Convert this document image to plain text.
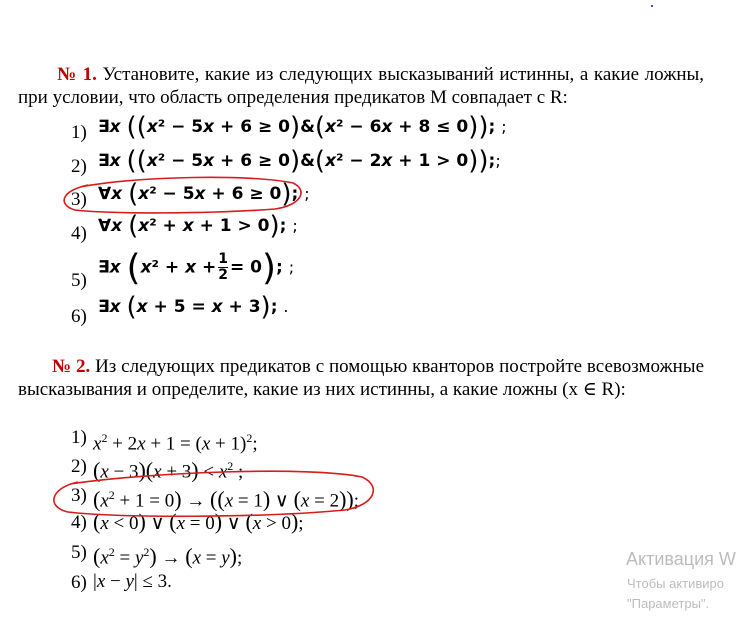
№ 1. Установите, какие из следующих высказываний истинны, а какие ложны, при условии, что область определения предикатов M совпадает с R:
1)
2)
3)
4)
5)
6)
∃x ((x² − 5x + 6 ≥ 0)&(x² − 6x + 8 ≤ 0)); ;
∃x ((x² − 5x + 6 ≥ 0)&(x² − 2x + 1 > 0));;
∀x (x² − 5x + 6 ≥ 0); ;
∀x (x² + x + 1 > 0); ;
∃x $(x^2 + x + \frac{1}{2} = 0)$; ;
∃x (x + 5 = x + 3); .
№ 2. Из следующих предикатов с помощью кванторов постройте всевозможные высказывания и определите, какие из них истинны, а какие ложны (x ∈ R):
1)
2)
3)
4)
5)
6)
$x^2 + 2x + 1 = (x + 1)^2$;
$(x - 3)(x + 3) < x^2$ ;
$(x^2 + 1 = 0) \to ((x = 1)$ ∨ (x = 2));
(x < 0) ∨ (x = 0) ∨ (x > 0);
$(x^2 = y^2) \to (x = y)$;
|x − y| ≤ 3.
Активация W
Чтобы активиро
"Параметры".
